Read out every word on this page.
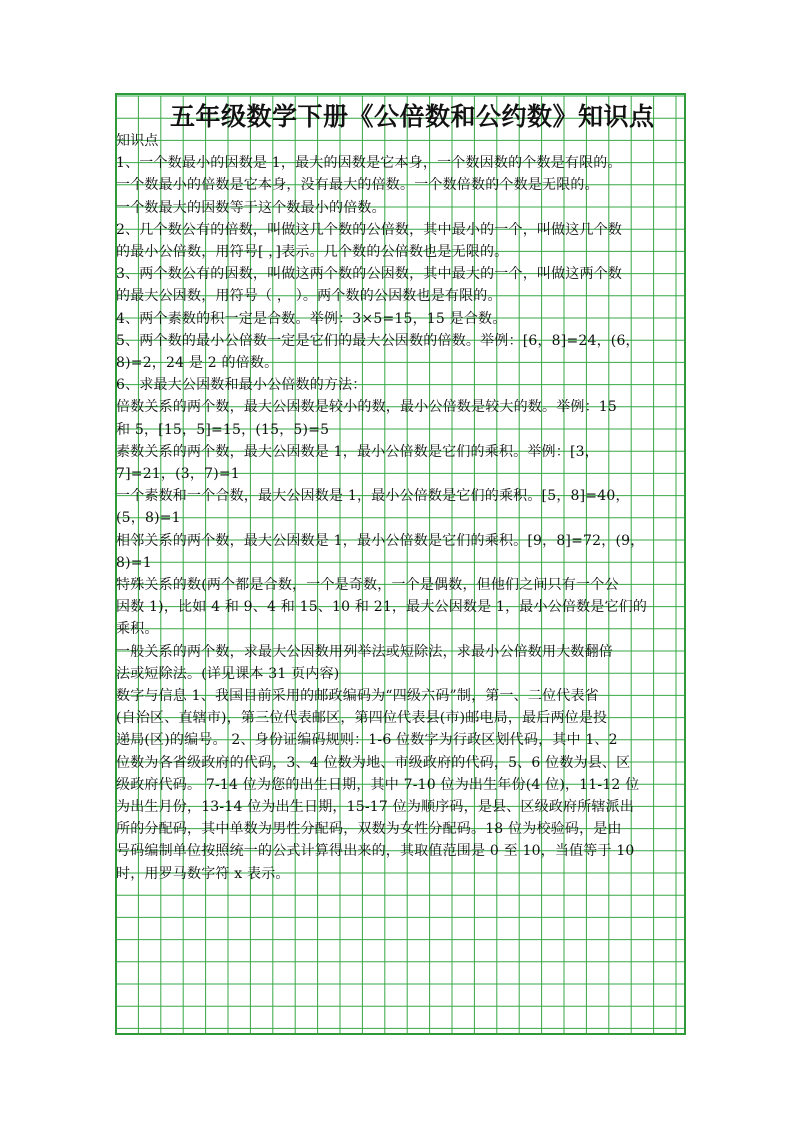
五年级数学下册《公倍数和公约数》知识点
知识点
1、一个数最小的因数是 1，最大的因数是它本身，一个数因数的个数是有限的。
一个数最小的倍数是它本身，没有最大的倍数。一个数倍数的个数是无限的。
一个数最大的因数等于这个数最小的倍数。
2、几个数公有的倍数，叫做这几个数的公倍数，其中最小的一个，叫做这几个数
的最小公倍数，用符号[ ，]表示。几个数的公倍数也是无限的。
3、两个数公有的因数，叫做这两个数的公因数，其中最大的一个，叫做这两个数
的最大公因数，用符号（ ， ）。两个数的公因数也是有限的。
4、两个素数的积一定是合数。举例：3×5=15，15 是合数。
5、两个数的最小公倍数一定是它们的最大公因数的倍数。举例：[6，8]=24，(6，
8)=2，24 是 2 的倍数。
6、求最大公因数和最小公倍数的方法：
倍数关系的两个数，最大公因数是较小的数，最小公倍数是较大的数。举例：15
和 5，[15，5]=15，(15，5)=5
素数关系的两个数，最大公因数是 1，最小公倍数是它们的乘积。举例：[3，
7]=21，(3，7)=1
一个素数和一个合数，最大公因数是 1，最小公倍数是它们的乘积。[5，8]=40，
(5，8)=1
相邻关系的两个数，最大公因数是 1，最小公倍数是它们的乘积。[9，8]=72，(9，
8)=1
特殊关系的数(两个都是合数，一个是奇数，一个是偶数，但他们之间只有一个公
因数 1)，比如 4 和 9、4 和 15、10 和 21，最大公因数是 1，最小公倍数是它们的
乘积。
一般关系的两个数，求最大公因数用列举法或短除法，求最小公倍数用大数翻倍
法或短除法。(详见课本 31 页内容)
数字与信息 1、我国目前采用的邮政编码为“四级六码”制，第一、二位代表省
(自治区、直辖市)，第三位代表邮区，第四位代表县(市)邮电局，最后两位是投
递局(区)的编号。 2、身份证编码规则：1-6 位数字为行政区划代码，其中 1、2
位数为各省级政府的代码，3、4 位数为地、市级政府的代码，5、6 位数为县、区
级政府代码。 7-14 位为您的出生日期，其中 7-10 位为出生年份(4 位)，11-12 位
为出生月份，13-14 位为出生日期，15-17 位为顺序码，是县、区级政府所辖派出
所的分配码，其中单数为男性分配码，双数为女性分配码。18 位为校验码，是由
号码编制单位按照统一的公式计算得出来的，其取值范围是 0 至 10，当值等于 10
时，用罗马数字符 x 表示。
